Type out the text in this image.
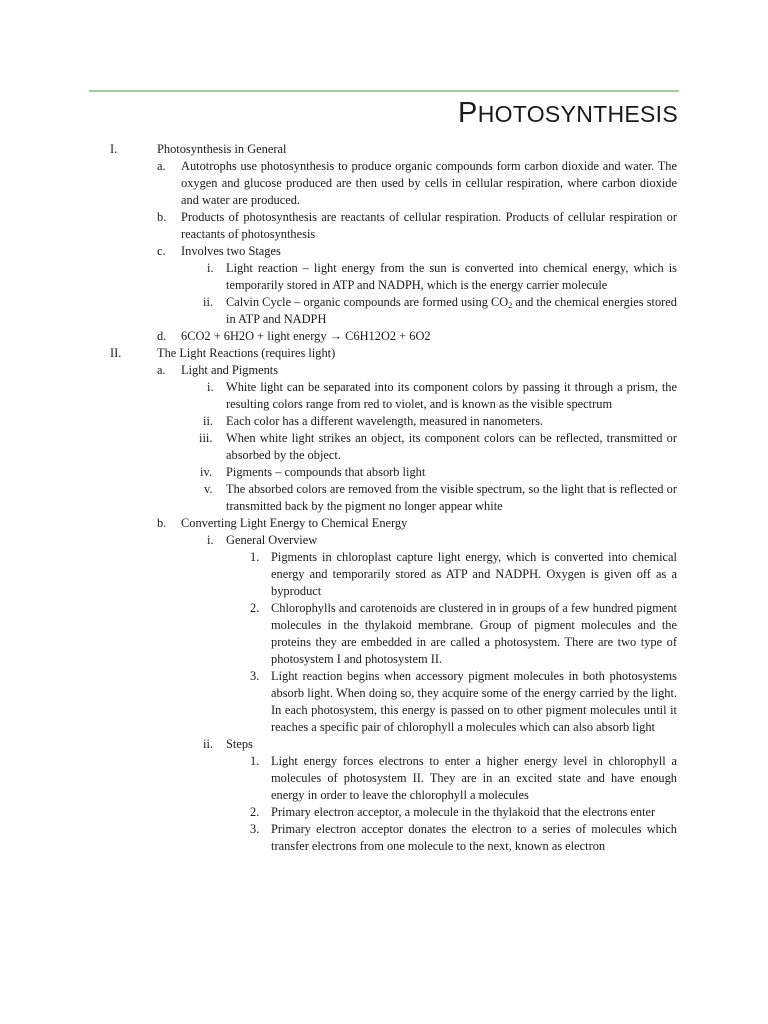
PHOTOSYNTHESIS
I.	Photosynthesis in General
a. Autotrophs use photosynthesis to produce organic compounds form carbon dioxide and water. The oxygen and glucose produced are then used by cells in cellular respiration, where carbon dioxide and water are produced.
b. Products of photosynthesis are reactants of cellular respiration. Products of cellular respiration or reactants of photosynthesis
c. Involves two Stages
i. Light reaction – light energy from the sun is converted into chemical energy, which is temporarily stored in ATP and NADPH, which is the energy carrier molecule
ii. Calvin Cycle – organic compounds are formed using $CO_2$ and the chemical energies stored in ATP and NADPH
d. 6CO2 + 6H2O + light energy → C6H12O2 + 6O2
II.	The Light Reactions (requires light)
a. Light and Pigments
i. White light can be separated into its component colors by passing it through a prism, the resulting colors range from red to violet, and is known as the visible spectrum
ii. Each color has a different wavelength, measured in nanometers.
iii. When white light strikes an object, its component colors can be reflected, transmitted or absorbed by the object.
iv. Pigments – compounds that absorb light
v. The absorbed colors are removed from the visible spectrum, so the light that is reflected or transmitted back by the pigment no longer appear white
b. Converting Light Energy to Chemical Energy
i. General Overview
1. Pigments in chloroplast capture light energy, which is converted into chemical energy and temporarily stored as ATP and NADPH. Oxygen is given off as a byproduct
2. Chlorophylls and carotenoids are clustered in in groups of a few hundred pigment molecules in the thylakoid membrane. Group of pigment molecules and the proteins they are embedded in are called a photosystem. There are two type of photosystem I and photosystem II.
3. Light reaction begins when accessory pigment molecules in both photosystems absorb light. When doing so, they acquire some of the energy carried by the light. In each photosystem, this energy is passed on to other pigment molecules until it reaches a specific pair of chlorophyll a molecules which can also absorb light
ii. Steps
1. Light energy forces electrons to enter a higher energy level in chlorophyll a molecules of photosystem II. They are in an excited state and have enough energy in order to leave the chlorophyll a molecules
2. Primary electron acceptor, a molecule in the thylakoid that the electrons enter
3. Primary electron acceptor donates the electron to a series of molecules which transfer electrons from one molecule to the next, known as electron
